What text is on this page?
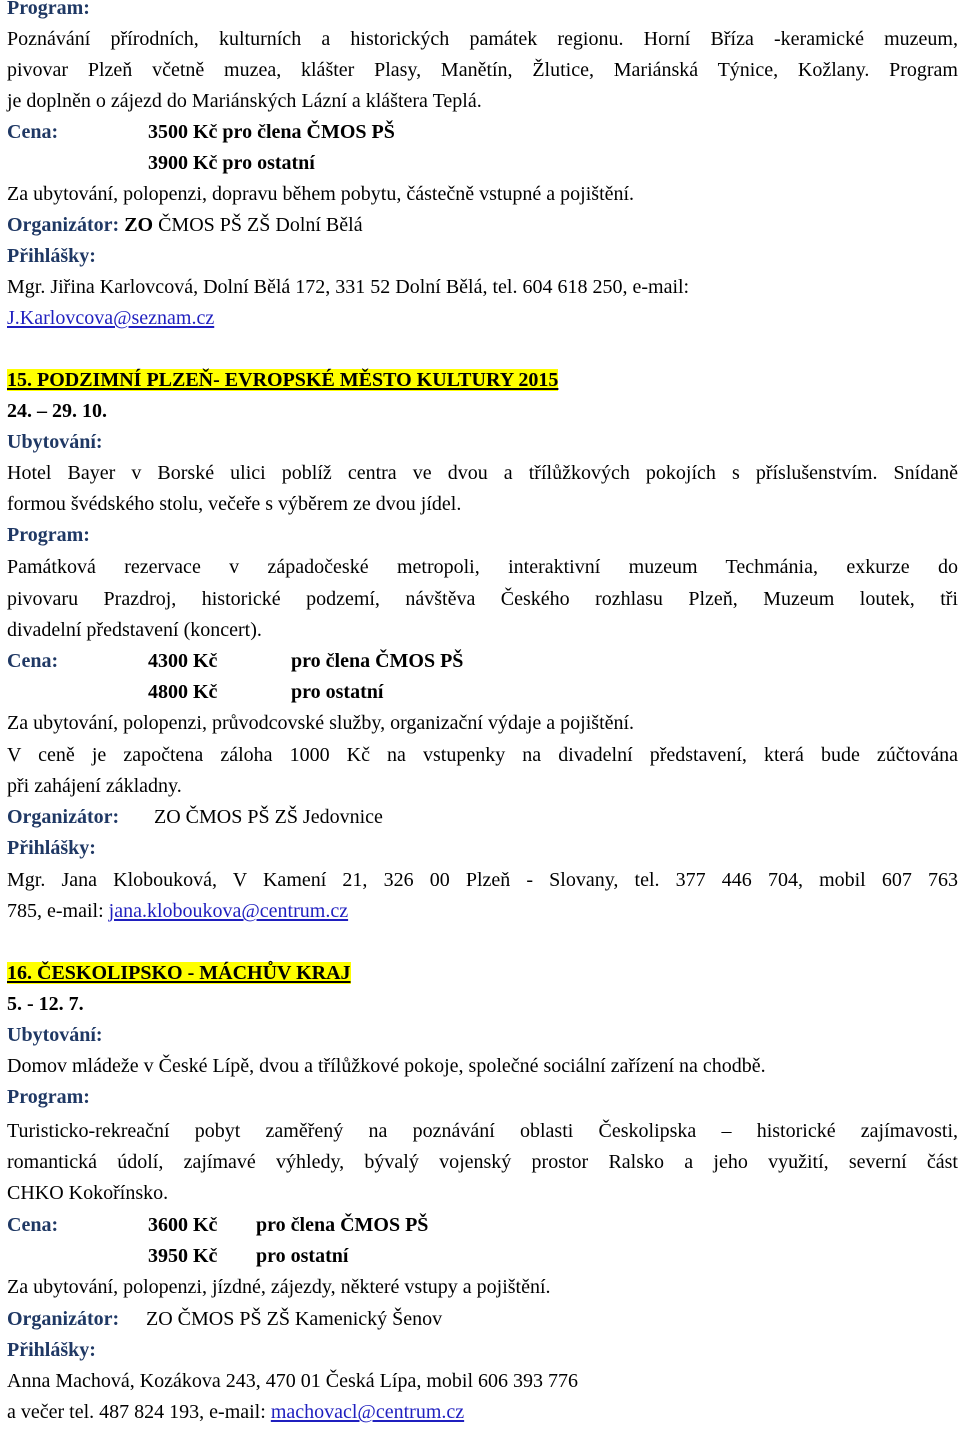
Program:
Poznávání přírodních, kulturních a historických památek regionu. Horní Bříza -keramické muzeum,
pivovar Plzeň včetně muzea, klášter Plasy, Manětín, Žlutice, Mariánská Týnice, Kožlany. Program
je doplněn o zájezd do Mariánských Lázní a kláštera Teplá.
Cena:	3500 Kč pro člena ČMOS PŠ
3900 Kč pro ostatní
Za ubytování, polopenzi, dopravu během pobytu, částečně vstupné a pojištění.
Organizátor: ZO ČMOS PŠ ZŠ Dolní Bělá
Přihlášky:
Mgr. Jiřina Karlovcová, Dolní Bělá 172, 331 52 Dolní Bělá, tel. 604 618 250, e-mail:
J.Karlovcova@seznam.cz
15. PODZIMNÍ PLZEŇ- EVROPSKÉ MĚSTO KULTURY 2015
24. – 29. 10.
Ubytování:
Hotel Bayer v Borské ulici poblíž centra ve dvou a třílůžkových pokojích s příslušenstvím. Snídaně
formou švédského stolu, večeře s výběrem ze dvou jídel.
Program:
Památková rezervace v západočeské metropoli, interaktivní muzeum Techmánia, exkurze do
pivovaru Prazdroj, historické podzemí, návštěva Českého rozhlasu Plzeň, Muzeum loutek, tři
divadelní představení (koncert).
Cena:	4300 Kč	pro člena ČMOS PŠ
4800 Kč	pro ostatní
Za ubytování, polopenzi, průvodcovské služby, organizační výdaje a pojištění.
V ceně je započtena záloha 1000 Kč na vstupenky na divadelní představení, která bude zúčtována
při zahájení základny.
Organizátor: ZO ČMOS PŠ ZŠ Jedovnice
Přihlášky:
Mgr. Jana Klobouková, V Kamení 21, 326 00 Plzeň - Slovany, tel. 377 446 704, mobil 607 763
785, e-mail: jana.kloboukova@centrum.cz
16. ČESKOLIPSKO - MÁCHŮV KRAJ
5. - 12. 7.
Ubytování:
Domov mládeže v České Lípě, dvou a třílůžkové pokoje, společné sociální zařízení na chodbě.
Program:
Turisticko-rekreační pobyt zaměřený na poznávání oblasti Českolipska – historické zajímavosti,
romantická údolí, zajímavé výhledy, bývalý vojenský prostor Ralsko a jeho využití, severní část
CHKO Kokořínsko.
Cena:	3600 Kč pro člena ČMOS PŠ
3950 Kč pro ostatní
Za ubytování, polopenzi, jízdné, zájezdy, některé vstupy a pojištění.
Organizátor: ZO ČMOS PŠ ZŠ Kamenický Šenov
Přihlášky:
Anna Machová, Kozákova 243, 470 01 Česká Lípa, mobil 606 393 776
a večer tel. 487 824 193, e-mail: machovacl@centrum.cz
